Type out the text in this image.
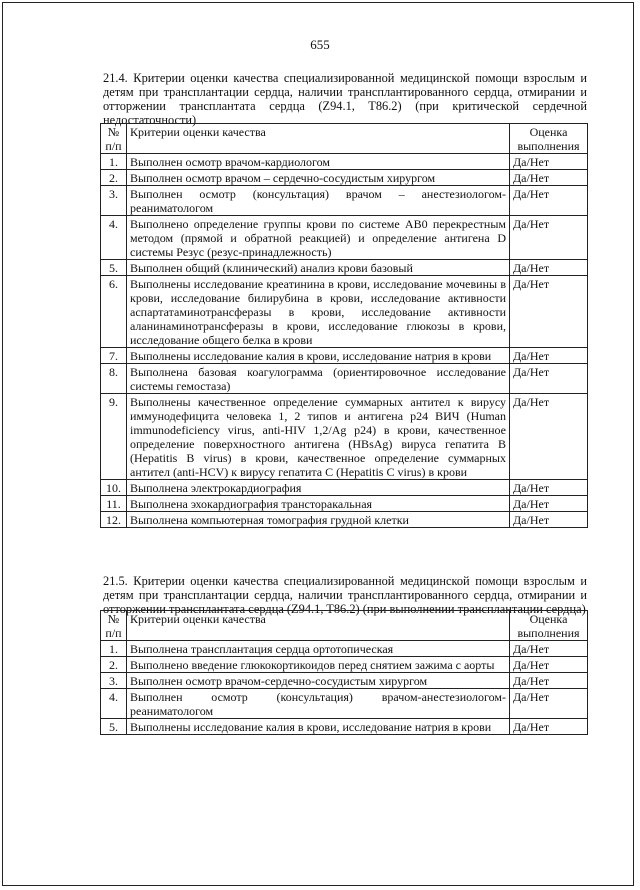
655

21.4. Критерии оценки качества специализированной медицинской помощи взрослым и детям при трансплантации сердца, наличии трансплантированного сердца, отмирании и отторжении трансплантата сердца (Z94.1, T86.2) (при критической сердечной недостаточности)

№ п/п	Критерии оценки качества	Оценка выполнения
1.	Выполнен осмотр врачом-кардиологом	Да/Нет
2.	Выполнен осмотр врачом – сердечно-сосудистым хирургом	Да/Нет
3.	Выполнен осмотр (консультация) врачом – анестезиологом-реаниматологом	Да/Нет
4.	Выполнено определение группы крови по системе АВ0 перекрестным методом (прямой и обратной реакцией) и определение антигена D системы Резус (резус-принадлежность)	Да/Нет
5.	Выполнен общий (клинический) анализ крови базовый	Да/Нет
6.	Выполнены исследование креатинина в крови, исследование мочевины в крови, исследование билирубина в крови, исследование активности аспартатаминотрансферазы в крови, исследование активности аланинаминотрансферазы в крови, исследование глюкозы в крови, исследование общего белка в крови	Да/Нет
7.	Выполнены исследование калия в крови, исследование натрия в крови	Да/Нет
8.	Выполнена базовая коагулограмма (ориентировочное исследование системы гемостаза)	Да/Нет
9.	Выполнены качественное определение суммарных антител к вирусу иммунодефицита человека 1, 2 типов и антигена p24 ВИЧ (Human immunodeficiency virus, anti-HIV 1,2/Ag p24) в крови, качественное определение поверхностного антигена (HBsAg) вируса гепатита B (Hepatitis B virus) в крови, качественное определение суммарных антител (anti-HCV) к вирусу гепатита C (Hepatitis C virus) в крови	Да/Нет
10.	Выполнена электрокардиография	Да/Нет
11.	Выполнена эхокардиография трансторакальная	Да/Нет
12.	Выполнена компьютерная томография грудной клетки	Да/Нет

21.5. Критерии оценки качества специализированной медицинской помощи взрослым и детям при трансплантации сердца, наличии трансплантированного сердца, отмирании и отторжении трансплантата сердца (Z94.1, T86.2) (при выполнении трансплантации сердца)

№ п/п	Критерии оценки качества	Оценка выполнения
1.	Выполнена трансплантация сердца ортотопическая	Да/Нет
2.	Выполнено введение глюкокортикоидов перед снятием зажима с аорты	Да/Нет
3.	Выполнен осмотр врачом-сердечно-сосудистым хирургом	Да/Нет
4.	Выполнен осмотр (консультация) врачом-анестезиологом-реаниматологом	Да/Нет
5.	Выполнены исследование калия в крови, исследование натрия в крови	Да/Нет
